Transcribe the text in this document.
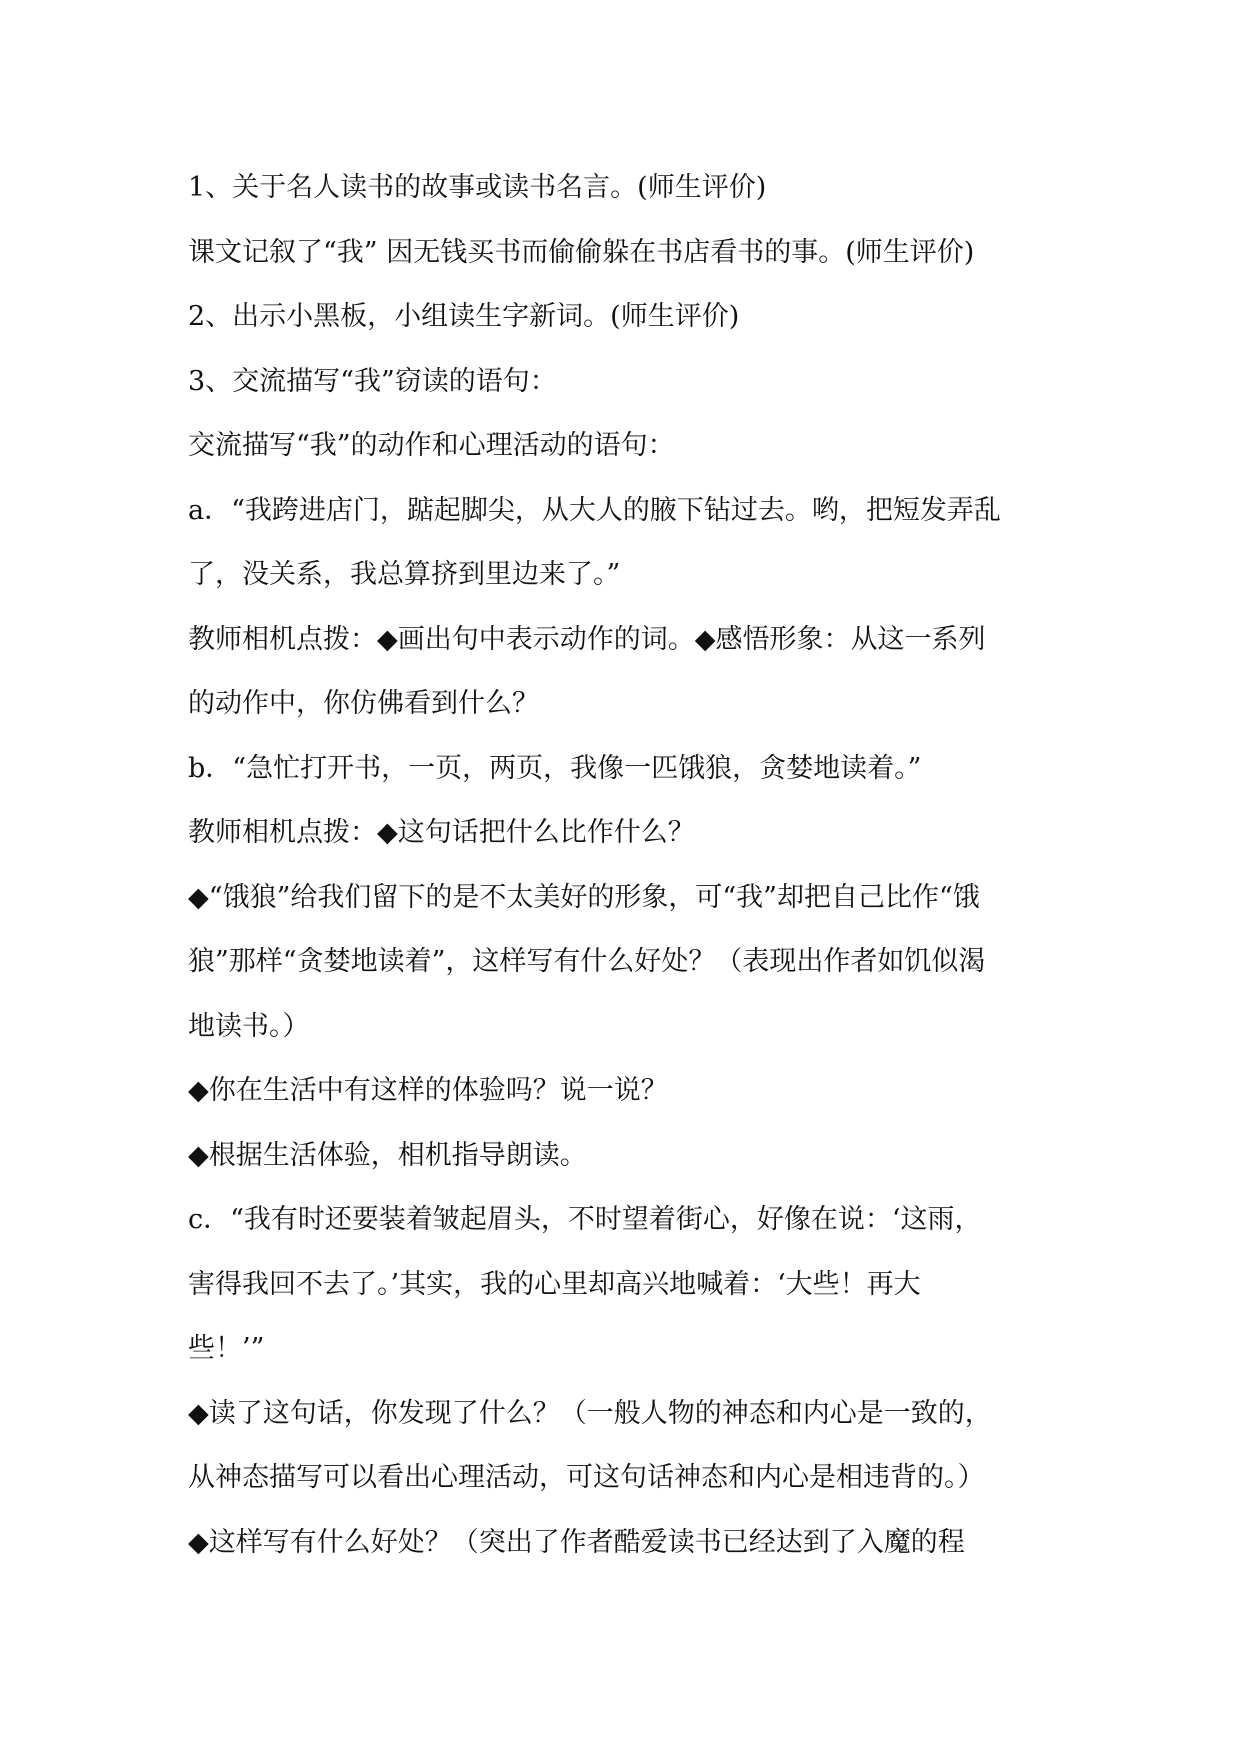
1、关于名人读书的故事或读书名言。(师生评价)
课文记叙了“我” 因无钱买书而偷偷躲在书店看书的事。(师生评价)
2、出示小黑板，小组读生字新词。(师生评价)
3、交流描写“我”窃读的语句：
交流描写“我”的动作和心理活动的语句：
a．“我跨进店门，踮起脚尖，从大人的腋下钻过去。哟，把短发弄乱
了，没关系，我总算挤到里边来了。”
教师相机点拨：◆画出句中表示动作的词。◆感悟形象：从这一系列
的动作中，你仿佛看到什么？
b．“急忙打开书，一页，两页，我像一匹饿狼，贪婪地读着。”
教师相机点拨：◆这句话把什么比作什么？
◆“饿狼”给我们留下的是不太美好的形象，可“我”却把自己比作“饿
狼”那样“贪婪地读着”，这样写有什么好处？（表现出作者如饥似渴
地读书。）
◆你在生活中有这样的体验吗？说一说？
◆根据生活体验，相机指导朗读。
c．“我有时还要装着皱起眉头，不时望着街心，好像在说：‘这雨，
害得我回不去了。’其实，我的心里却高兴地喊着：‘大些！再大
些！’”
◆读了这句话，你发现了什么？（一般人物的神态和内心是一致的，
从神态描写可以看出心理活动，可这句话神态和内心是相违背的。）
◆这样写有什么好处？（突出了作者酷爱读书已经达到了入魔的程
